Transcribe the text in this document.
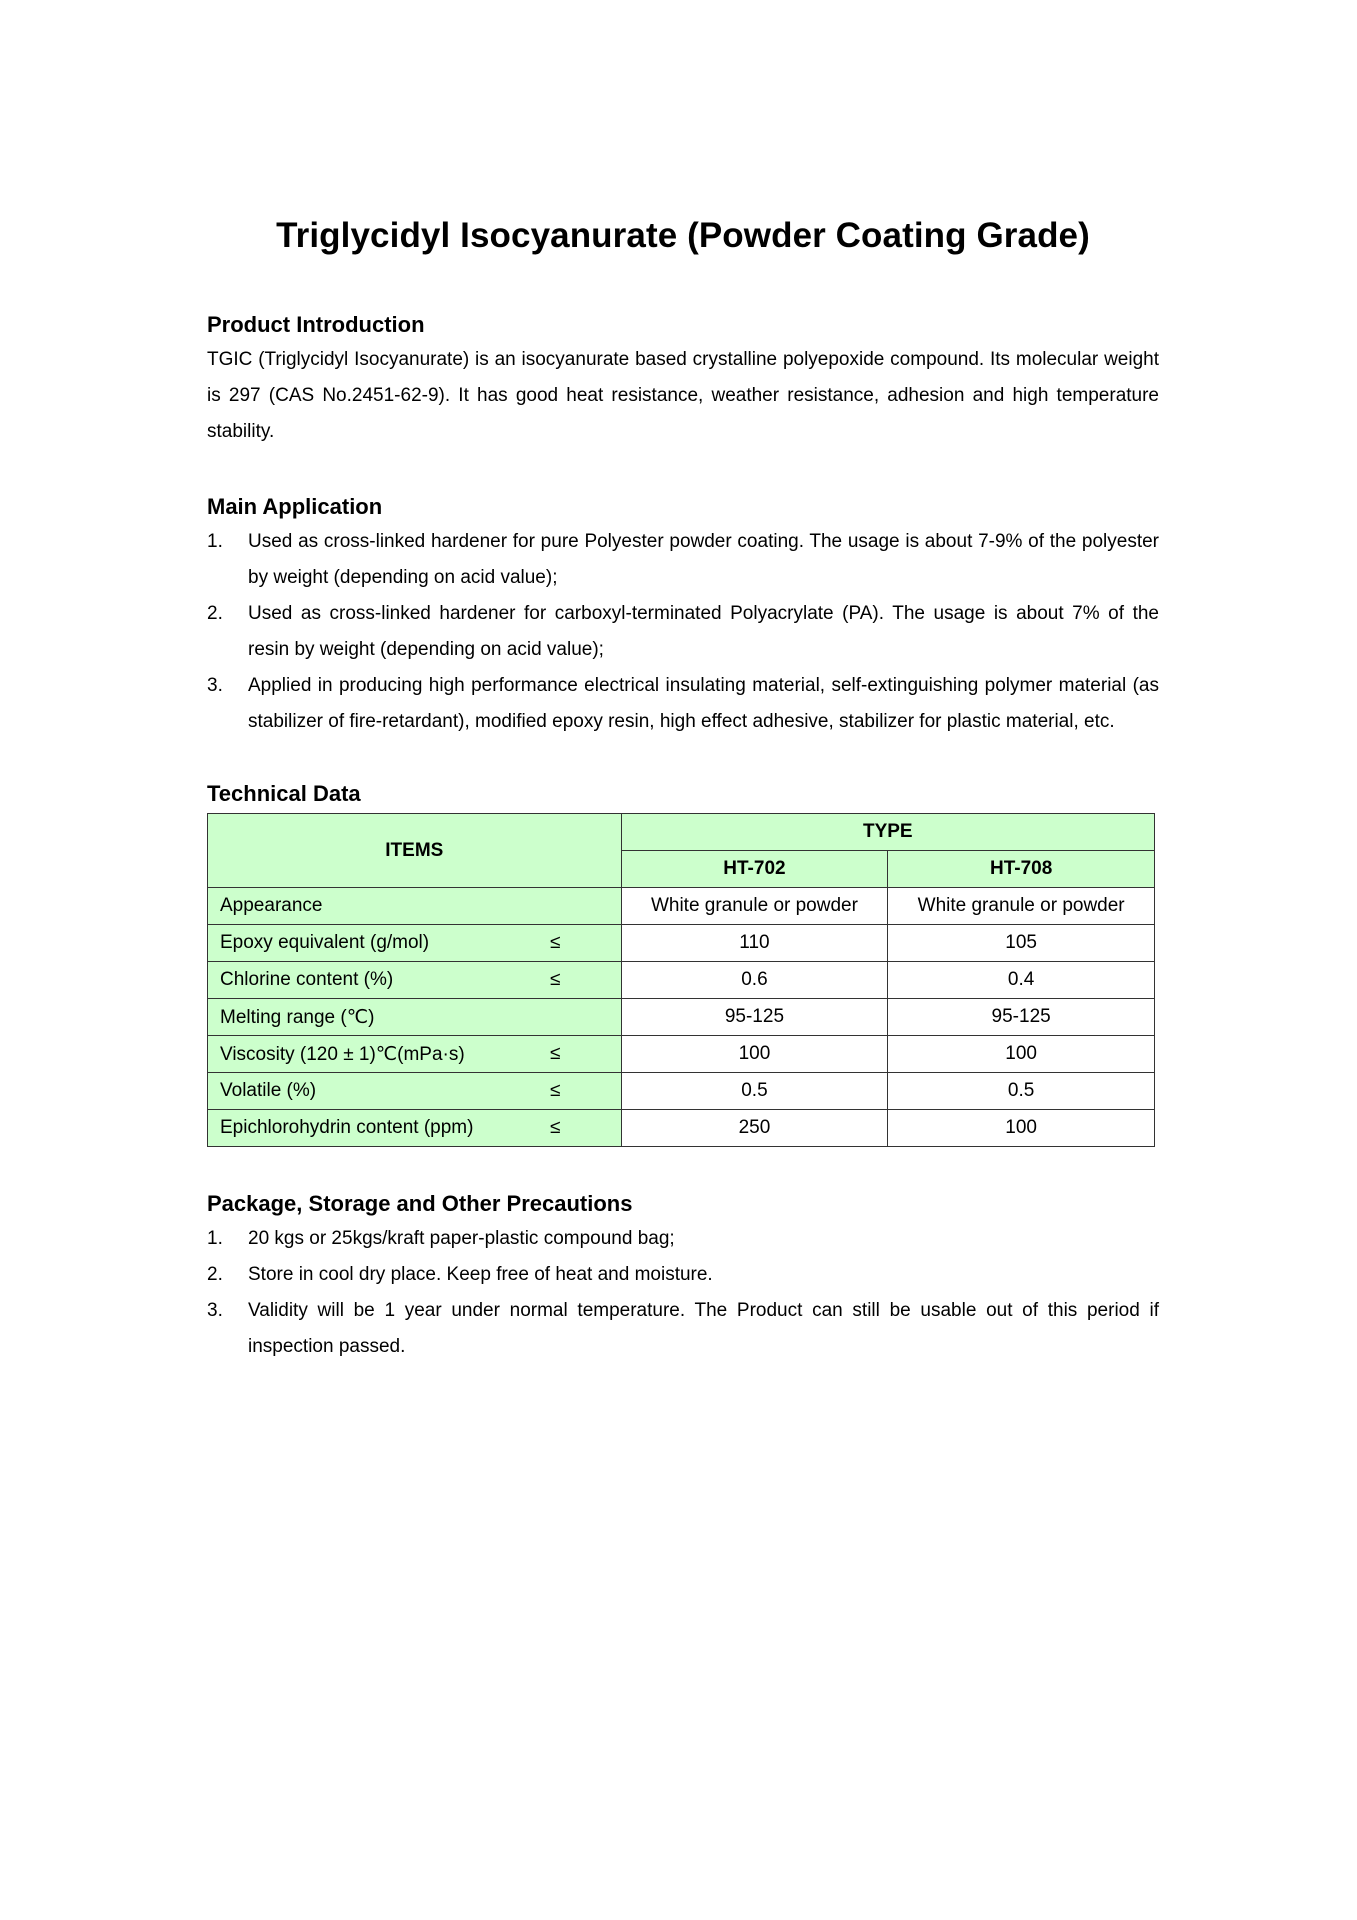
Triglycidyl Isocyanurate (Powder Coating Grade)
Product Introduction

TGIC (Triglycidyl Isocyanurate) is an isocyanurate based crystalline polyepoxide compound. Its molecular weight is 297 (CAS No.2451-62-9). It has good heat resistance, weather resistance, adhesion and high temperature stability.

Main Application
1. Used as cross-linked hardener for pure Polyester powder coating. The usage is about 7-9% of the polyester by weight (depending on acid value);
2. Used as cross-linked hardener for carboxyl-terminated Polyacrylate (PA). The usage is about 7% of the resin by weight (depending on acid value);
3. Applied in producing high performance electrical insulating material, self-extinguishing polymer material (as stabilizer of fire-retardant), modified epoxy resin, high effect adhesive, stabilizer for plastic material, etc.
Technical Data
ITEMS	TYPE	
	HT-702	HT-708
Appearance	White granule or powder	White granule or powder
Epoxy equivalent (g/mol) ≤	110	105
Chlorine content (%) ≤	0.6	0.4
Melting range (℃)	95-125	95-125
Viscosity (120 ± 1)℃(mPa·s) ≤	100	100
Volatile (%) ≤	0.5	0.5
Epichlorohydrin content (ppm) ≤	250	100
Package, Storage and Other Precautions
1. 20 kgs or 25kgs/kraft paper-plastic compound bag;
2. Store in cool dry place. Keep free of heat and moisture.
3. Validity will be 1 year under normal temperature. The Product can still be usable out of this period if inspection passed.
